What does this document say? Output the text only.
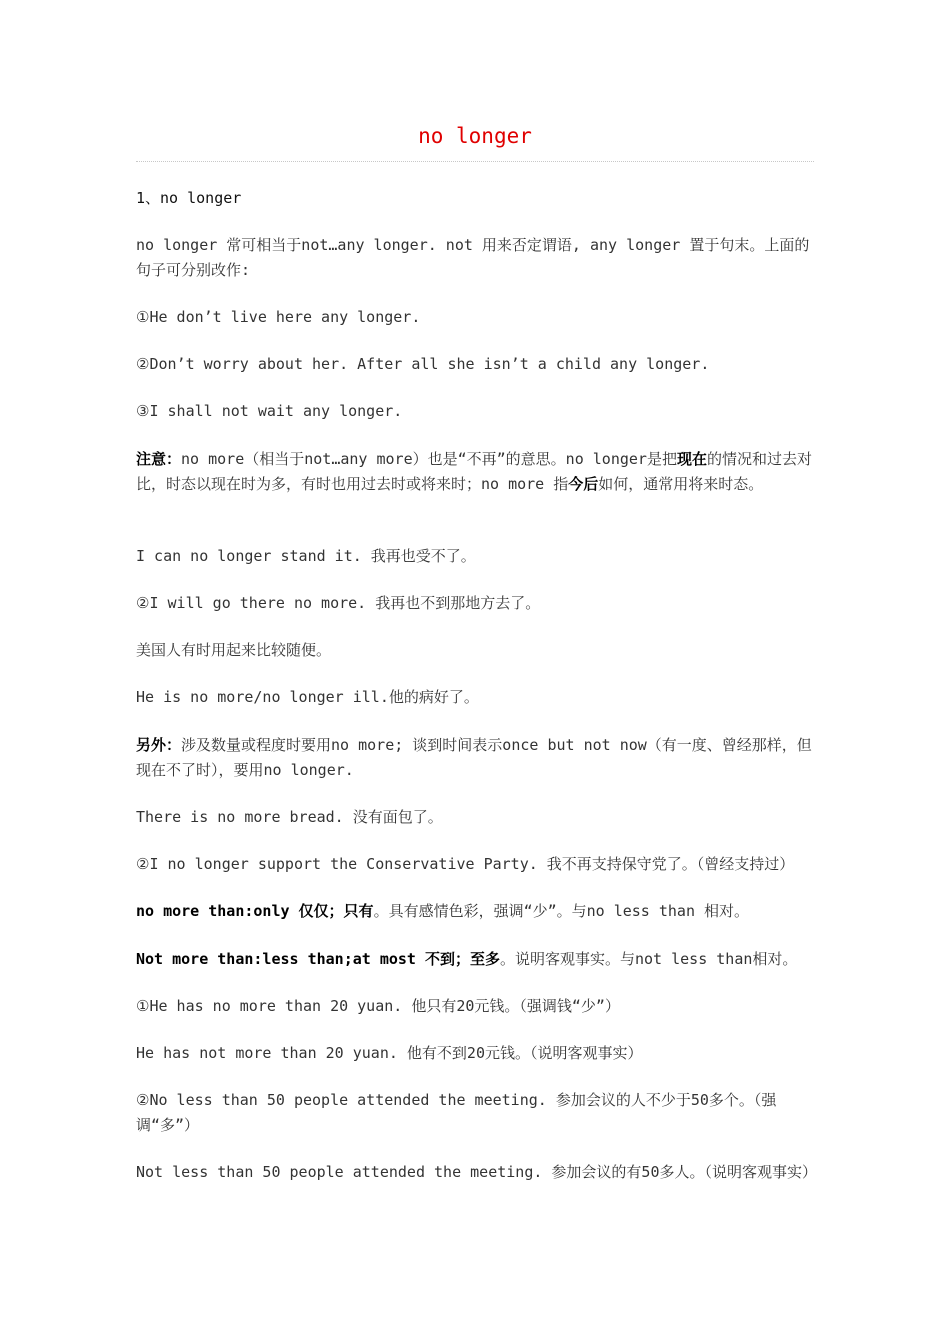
no longer
1、no longer
no longer 常可相当于not…any longer. not 用来否定谓语, any longer 置于句末。上面的句子可分别改作:
①He don’t live here any longer.
②Don’t worry about her. After all she isn’t a child any longer.
③I shall not wait any longer.
注意：no more（相当于not…any more）也是“不再”的意思。no longer是把现在的情况和过去对比，时态以现在时为多，有时也用过去时或将来时；no more 指今后如何，通常用将来时态。
I can no longer stand it. 我再也受不了。
②I will go there no more. 我再也不到那地方去了。
美国人有时用起来比较随便。
He is no more/no longer ill.他的病好了。
另外：涉及数量或程度时要用no more; 谈到时间表示once but not now（有一度、曾经那样，但现在不了时），要用no longer.
There is no more bread. 没有面包了。
②I no longer support the Conservative Party. 我不再支持保守党了。（曾经支持过）
no more than:only 仅仅；只有。具有感情色彩，强调“少”。与no less than 相对。
Not more than:less than;at most 不到；至多。说明客观事实。与not less than相对。
①He has no more than 20 yuan. 他只有20元钱。（强调钱“少”）
He has not more than 20 yuan. 他有不到20元钱。（说明客观事实）
②No less than 50 people attended the meeting. 参加会议的人不少于50多个。（强调“多”）
Not less than 50 people attended the meeting. 参加会议的有50多人。（说明客观事实）
